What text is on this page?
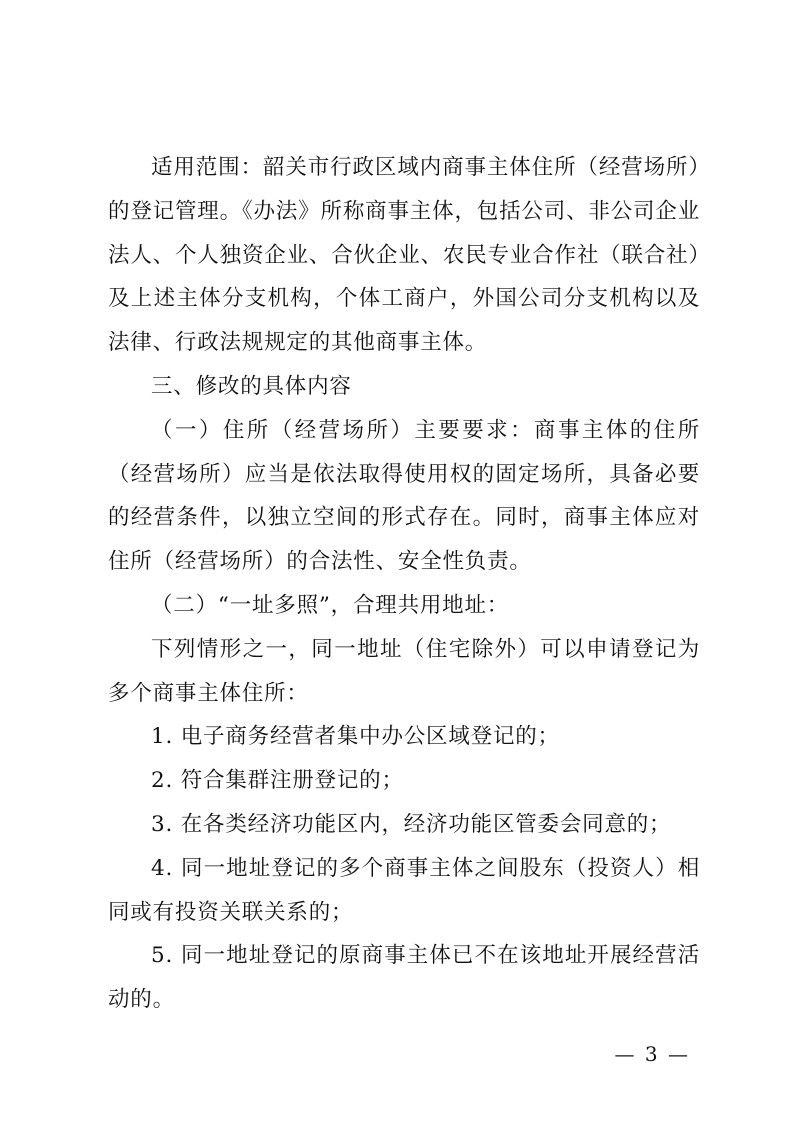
适用范围：韶关市行政区域内商事主体住所（经营场所）的登记管理。《办法》所称商事主体，包括公司、非公司企业法人、个人独资企业、合伙企业、农民专业合作社（联合社）及上述主体分支机构，个体工商户，外国公司分支机构以及法律、行政法规规定的其他商事主体。

三、修改的具体内容

（一）住所（经营场所）主要要求：商事主体的住所（经营场所）应当是依法取得使用权的固定场所，具备必要的经营条件，以独立空间的形式存在。同时，商事主体应对住所（经营场所）的合法性、安全性负责。

（二）“一址多照”，合理共用地址：

下列情形之一，同一地址（住宅除外）可以申请登记为多个商事主体住所：

1. 电子商务经营者集中办公区域登记的；

2. 符合集群注册登记的；

3. 在各类经济功能区内，经济功能区管委会同意的；

4. 同一地址登记的多个商事主体之间股东（投资人）相同或有投资关联关系的；

5. 同一地址登记的原商事主体已不在该地址开展经营活动的。

— 3 —
